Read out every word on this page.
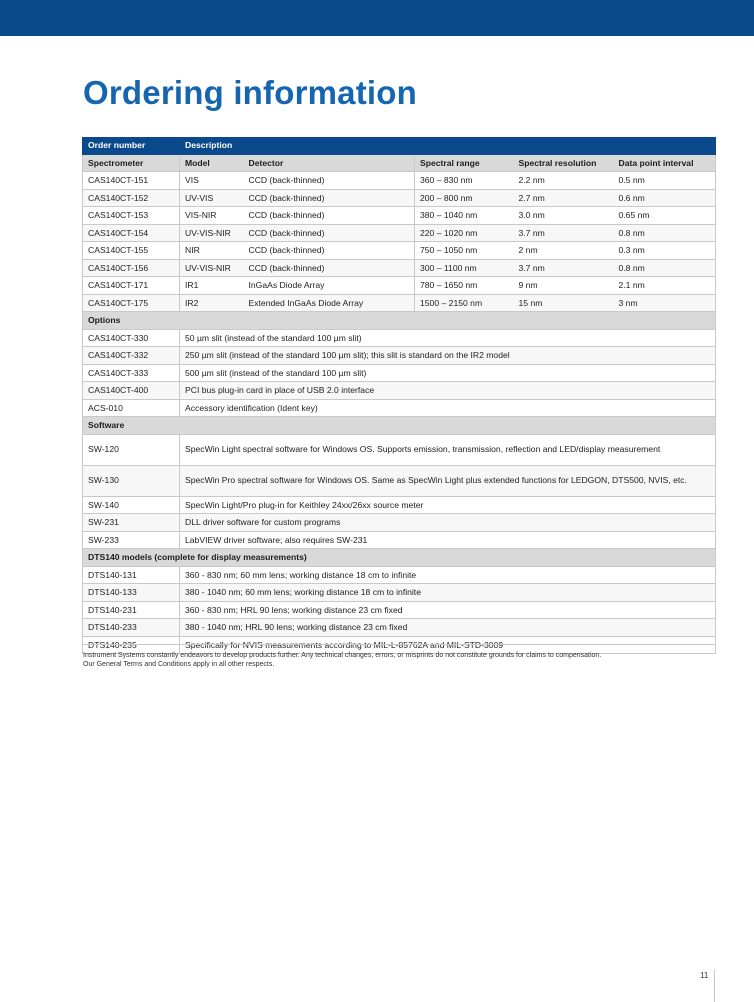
Ordering information
Order number	Description				
Spectrometer	Model	Detector	Spectral range	Spectral resolution	Data point interval
CAS140CT-151	VIS	CCD (back-thinned)	360 – 830 nm	2.2 nm	0.5 nm
CAS140CT-152	UV-VIS	CCD (back-thinned)	200 – 800 nm	2.7 nm	0.6 nm
CAS140CT-153	VIS-NIR	CCD (back-thinned)	380 – 1040 nm	3.0 nm	0.65 nm
CAS140CT-154	UV-VIS-NIR	CCD (back-thinned)	220 – 1020 nm	3.7 nm	0.8 nm
CAS140CT-155	NIR	CCD (back-thinned)	750 – 1050 nm	2 nm	0.3 nm
CAS140CT-156	UV-VIS-NIR	CCD (back-thinned)	300 – 1100 nm	3.7 nm	0.8 nm
CAS140CT-171	IR1	InGaAs Diode Array	780 – 1650 nm	9 nm	2.1 nm
CAS140CT-175	IR2	Extended InGaAs Diode Array	1500 – 2150 nm	15 nm	3 nm
Options					
CAS140CT-330	50 µm slit (instead of the standard 100 µm slit)				
CAS140CT-332	250 µm slit (instead of the standard 100 µm slit); this slit is standard on the IR2 model				
CAS140CT-333	500 µm slit (instead of the standard 100 µm slit)				
CAS140CT-400	PCI bus plug-in card in place of USB 2.0 interface				
ACS-010	Accessory identification (Ident key)				
Software					
SW-120	SpecWin Light spectral software for Windows OS. Supports emission, transmission, reflection and LED/display measurement				
SW-130	SpecWin Pro spectral software for Windows OS. Same as SpecWin Light plus extended functions for LEDGON, DTS500, NVIS, etc.				
SW-140	SpecWin Light/Pro plug-in for Keithley 24xx/26xx source meter				
SW-231	DLL driver software for custom programs				
SW-233	LabVIEW driver software; also requires SW-231				
DTS140 models (complete for display measurements)					
DTS140-131	360 - 830 nm; 60 mm lens; working distance 18 cm to infinite				
DTS140-133	380 - 1040 nm; 60 mm lens; working distance 18 cm to infinite				
DTS140-231	360 - 830 nm; HRL 90 lens; working distance 23 cm fixed				
DTS140-233	380 - 1040 nm; HRL 90 lens; working distance 23 cm fixed				
DTS140-235	Specifically for NVIS measurements according to MIL-L-85762A and MIL-STD-3009				

Instrument Systems constantly endeavors to develop products further. Any technical changes, errors, or misprints do not constitute grounds for claims to compensation.

Our General Terms and Conditions apply in all other respects.

11
